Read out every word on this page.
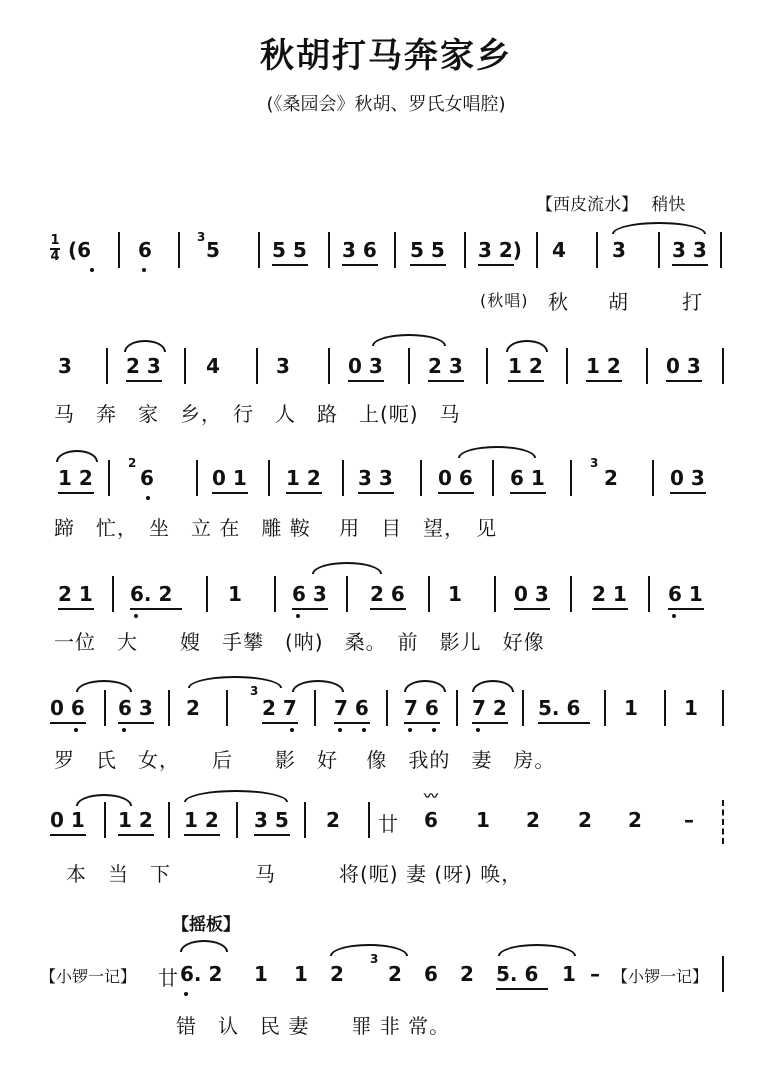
秋胡打马奔家乡
(《桑园会》秋胡、罗氏女唱腔)
【西皮流水】 稍快
1
4 (6 6
3
5	5 5 3 6 5 5 3 2) 4 3 3 3
(秋唱) 秋 胡	打
3	2 3 4	3	0 3 2 3 1 2 1 2 0 3
马　奔　家　乡，　行　人　路　上(呃)　马
1 2
2
6	0 1 1 2 3 3 0 6 6 1
3
2	0 3
蹄　忙，　坐　立 在　雕 鞍　 用　目　望，　见
2 1 6. 2	1	6 3 2 6 1	0 3 2 1 6 1
一位　大　　嫂　手攀　(呐)　桑。　前　影儿　好像
0 6 6 3 2
3
2 7 7 6 7 6 7 2 5. 6 1 1
罗　氏　女，　　后　　影　好　 像　我的　妻　房。
0 1 1 2 1 2 3 5 2 廿
〰
6 1 2 2 2 –
本　当　下　　　　马　　　将(呃) 妻 (呀) 唤，
【摇板】
【小锣一记】 廿 6. 2 1 1 2
3
2 6 2 5. 6 1 – 【小锣一记】
错　认　民 妻　　罪 非 常。
